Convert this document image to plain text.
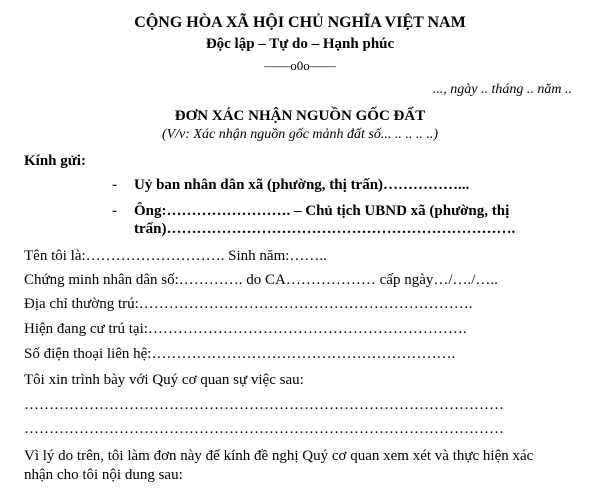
CỘNG HÒA XÃ HỘI CHỦ NGHĨA VIỆT NAM
Độc lập – Tự do – Hạnh phúc
——o0o——
..., ngày .. tháng .. năm ..
ĐƠN XÁC NHẬN NGUỒN GỐC ĐẤT
(V/v: Xác nhận nguồn gốc mảnh đất số... .. .. .. ..)
Kính gửi:
- Uỷ ban nhân dân xã (phường, thị trấn)……………...
- Ông:……………………. – Chủ tịch UBND xã (phường, thị
trấn)…………………………………………………………….
Tên tôi là:………………………. Sinh năm:……..
Chứng minh nhân dân số:…………. do CA……………… cấp ngày…/…./…..
Địa chỉ thường trú:………………………………………………………….
Hiện đang cư trú tại:……………………………………………………….
Số điện thoại liên hệ:…………………………………………………….
Tôi xin trình bày với Quý cơ quan sự việc sau:
……………………………………………………………………………………
……………………………………………………………………………………
Vì lý do trên, tôi làm đơn này để kính đề nghị Quý cơ quan xem xét và thực hiện xác
nhận cho tôi nội dung sau:
